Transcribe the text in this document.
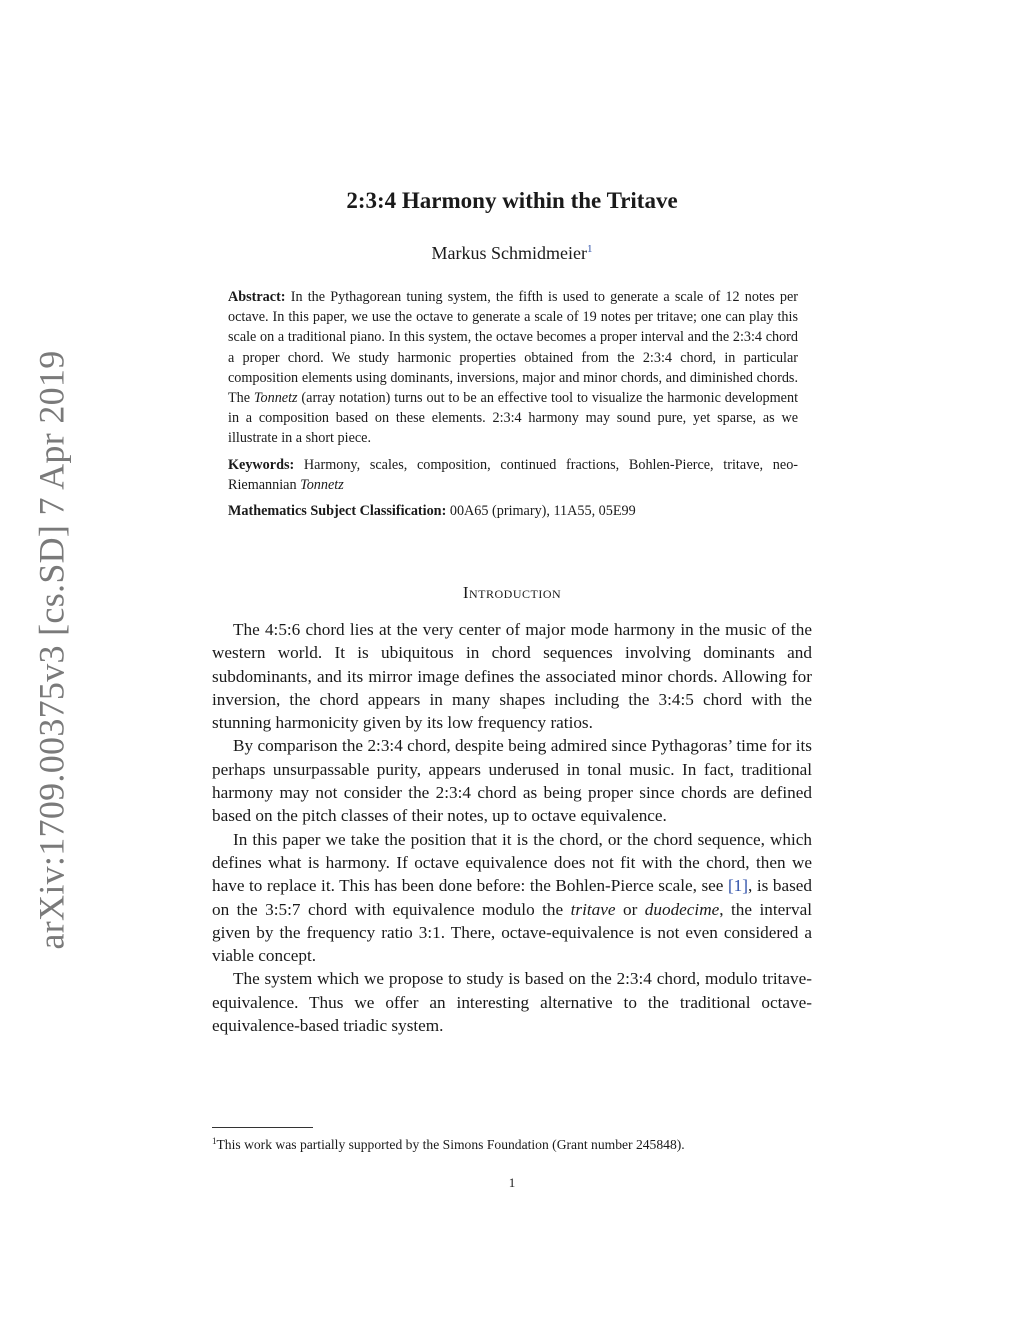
arXiv:1709.00375v3 [cs.SD] 7 Apr 2019
2:3:4 Harmony within the Tritave
Markus Schmidmeier$^1$

Abstract: In the Pythagorean tuning system, the fifth is used to generate a scale of 12 notes per octave. In this paper, we use the octave to generate a scale of 19 notes per tritave; one can play this scale on a traditional piano. In this system, the octave becomes a proper interval and the 2:3:4 chord a proper chord. We study harmonic properties obtained from the 2:3:4 chord, in particular composition elements using dominants, inversions, major and minor chords, and diminished chords. The Tonnetz (array notation) turns out to be an effective tool to visualize the harmonic development in a composition based on these elements. 2:3:4 harmony may sound pure, yet sparse, as we illustrate in a short piece.

Keywords: Harmony, scales, composition, continued fractions, Bohlen-Pierce, tritave, neo-Riemannian Tonnetz

Mathematics Subject Classification: 00A65 (primary), 11A55, 05E99

Introduction

The 4:5:6 chord lies at the very center of major mode harmony in the music of the western world. It is ubiquitous in chord sequences involving dominants and subdominants, and its mirror image defines the associated minor chords. Allowing for inversion, the chord appears in many shapes including the 3:4:5 chord with the stunning harmonicity given by its low frequency ratios.

By comparison the 2:3:4 chord, despite being admired since Pythagoras’ time for its perhaps unsurpassable purity, appears underused in tonal music. In fact, traditional harmony may not consider the 2:3:4 chord as being proper since chords are defined based on the pitch classes of their notes, up to octave equivalence.

In this paper we take the position that it is the chord, or the chord sequence, which defines what is harmony. If octave equivalence does not fit with the chord, then we have to replace it. This has been done before: the Bohlen-Pierce scale, see [1], is based on the 3:5:7 chord with equivalence modulo the tritave or duodecime, the interval given by the frequency ratio 3:1. There, octave-equivalence is not even considered a viable concept.

The system which we propose to study is based on the 2:3:4 chord, modulo tritave-equivalence. Thus we offer an interesting alternative to the traditional octave-equivalence-based triadic system.

$^1$This work was partially supported by the Simons Foundation (Grant number 245848).
1
